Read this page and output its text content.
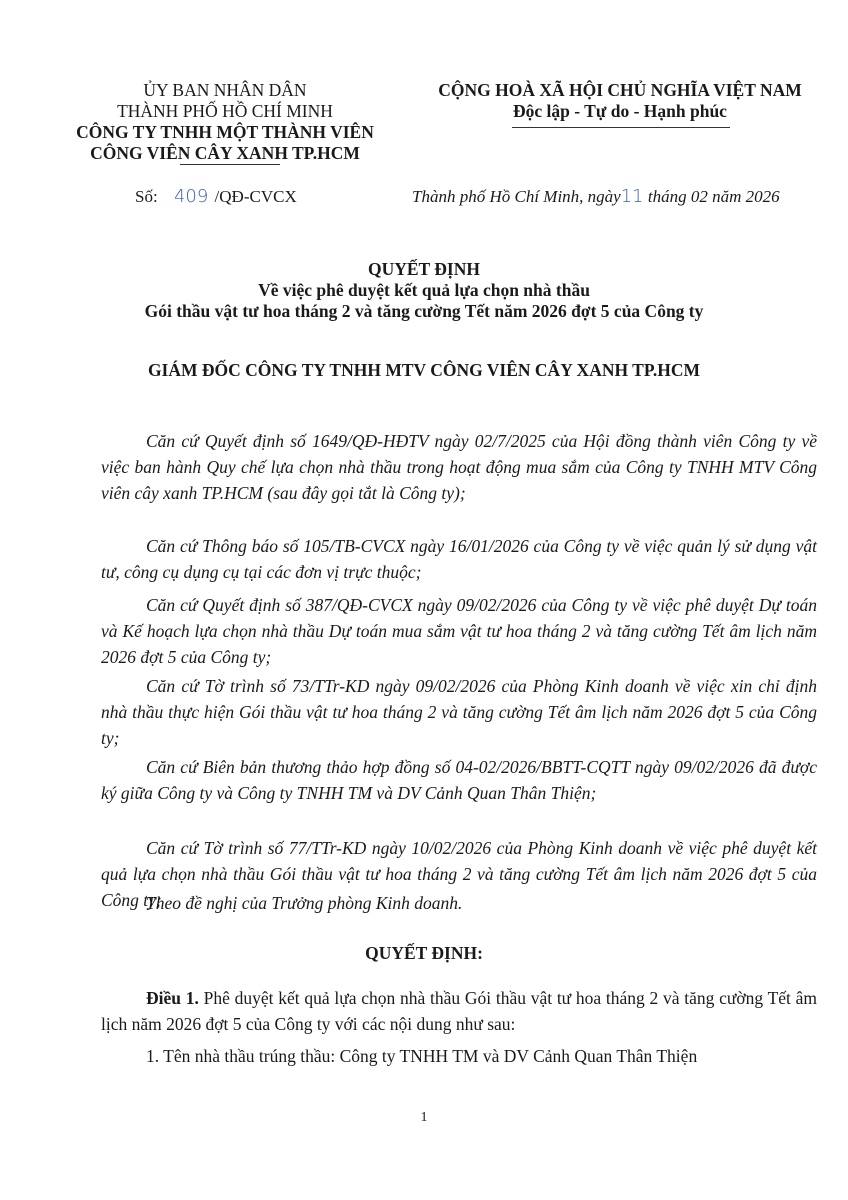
ỦY BAN NHÂN DÂN
THÀNH PHỐ HỒ CHÍ MINH
CÔNG TY TNHH MỘT THÀNH VIÊN
CÔNG VIÊN CÂY XANH TP.HCM
CỘNG HOÀ XÃ HỘI CHỦ NGHĨA VIỆT NAM
Độc lập - Tự do - Hạnh phúc
Số: 409 /QĐ-CVCX	Thành phố Hồ Chí Minh, ngày11 tháng 02 năm 2026
QUYẾT ĐỊNH
Về việc phê duyệt kết quả lựa chọn nhà thầu
Gói thầu vật tư hoa tháng 2 và tăng cường Tết năm 2026 đợt 5 của Công ty
GIÁM ĐỐC CÔNG TY TNHH MTV CÔNG VIÊN CÂY XANH TP.HCM
Căn cứ Quyết định số 1649/QĐ-HĐTV ngày 02/7/2025 của Hội đồng thành viên Công ty về việc ban hành Quy chế lựa chọn nhà thầu trong hoạt động mua sắm của Công ty TNHH MTV Công viên cây xanh TP.HCM (sau đây gọi tắt là Công ty);
Căn cứ Thông báo số 105/TB-CVCX ngày 16/01/2026 của Công ty về việc quản lý sử dụng vật tư, công cụ dụng cụ tại các đơn vị trực thuộc;
Căn cứ Quyết định số 387/QĐ-CVCX ngày 09/02/2026 của Công ty về việc phê duyệt Dự toán và Kế hoạch lựa chọn nhà thầu Dự toán mua sắm vật tư hoa tháng 2 và tăng cường Tết âm lịch năm 2026 đợt 5 của Công ty;
Căn cứ Tờ trình số 73/TTr-KD ngày 09/02/2026 của Phòng Kinh doanh về việc xin chỉ định nhà thầu thực hiện Gói thầu vật tư hoa tháng 2 và tăng cường Tết âm lịch năm 2026 đợt 5 của Công ty;
Căn cứ Biên bản thương thảo hợp đồng số 04-02/2026/BBTT-CQTT ngày 09/02/2026 đã được ký giữa Công ty và Công ty TNHH TM và DV Cảnh Quan Thân Thiện;
Căn cứ Tờ trình số 77/TTr-KD ngày 10/02/2026 của Phòng Kinh doanh về việc phê duyệt kết quả lựa chọn nhà thầu Gói thầu vật tư hoa tháng 2 và tăng cường Tết âm lịch năm 2026 đợt 5 của Công ty;
Theo đề nghị của Trưởng phòng Kinh doanh.
QUYẾT ĐỊNH:
Điều 1. Phê duyệt kết quả lựa chọn nhà thầu Gói thầu vật tư hoa tháng 2 và tăng cường Tết âm lịch năm 2026 đợt 5 của Công ty với các nội dung như sau:
1. Tên nhà thầu trúng thầu: Công ty TNHH TM và DV Cảnh Quan Thân Thiện
1
